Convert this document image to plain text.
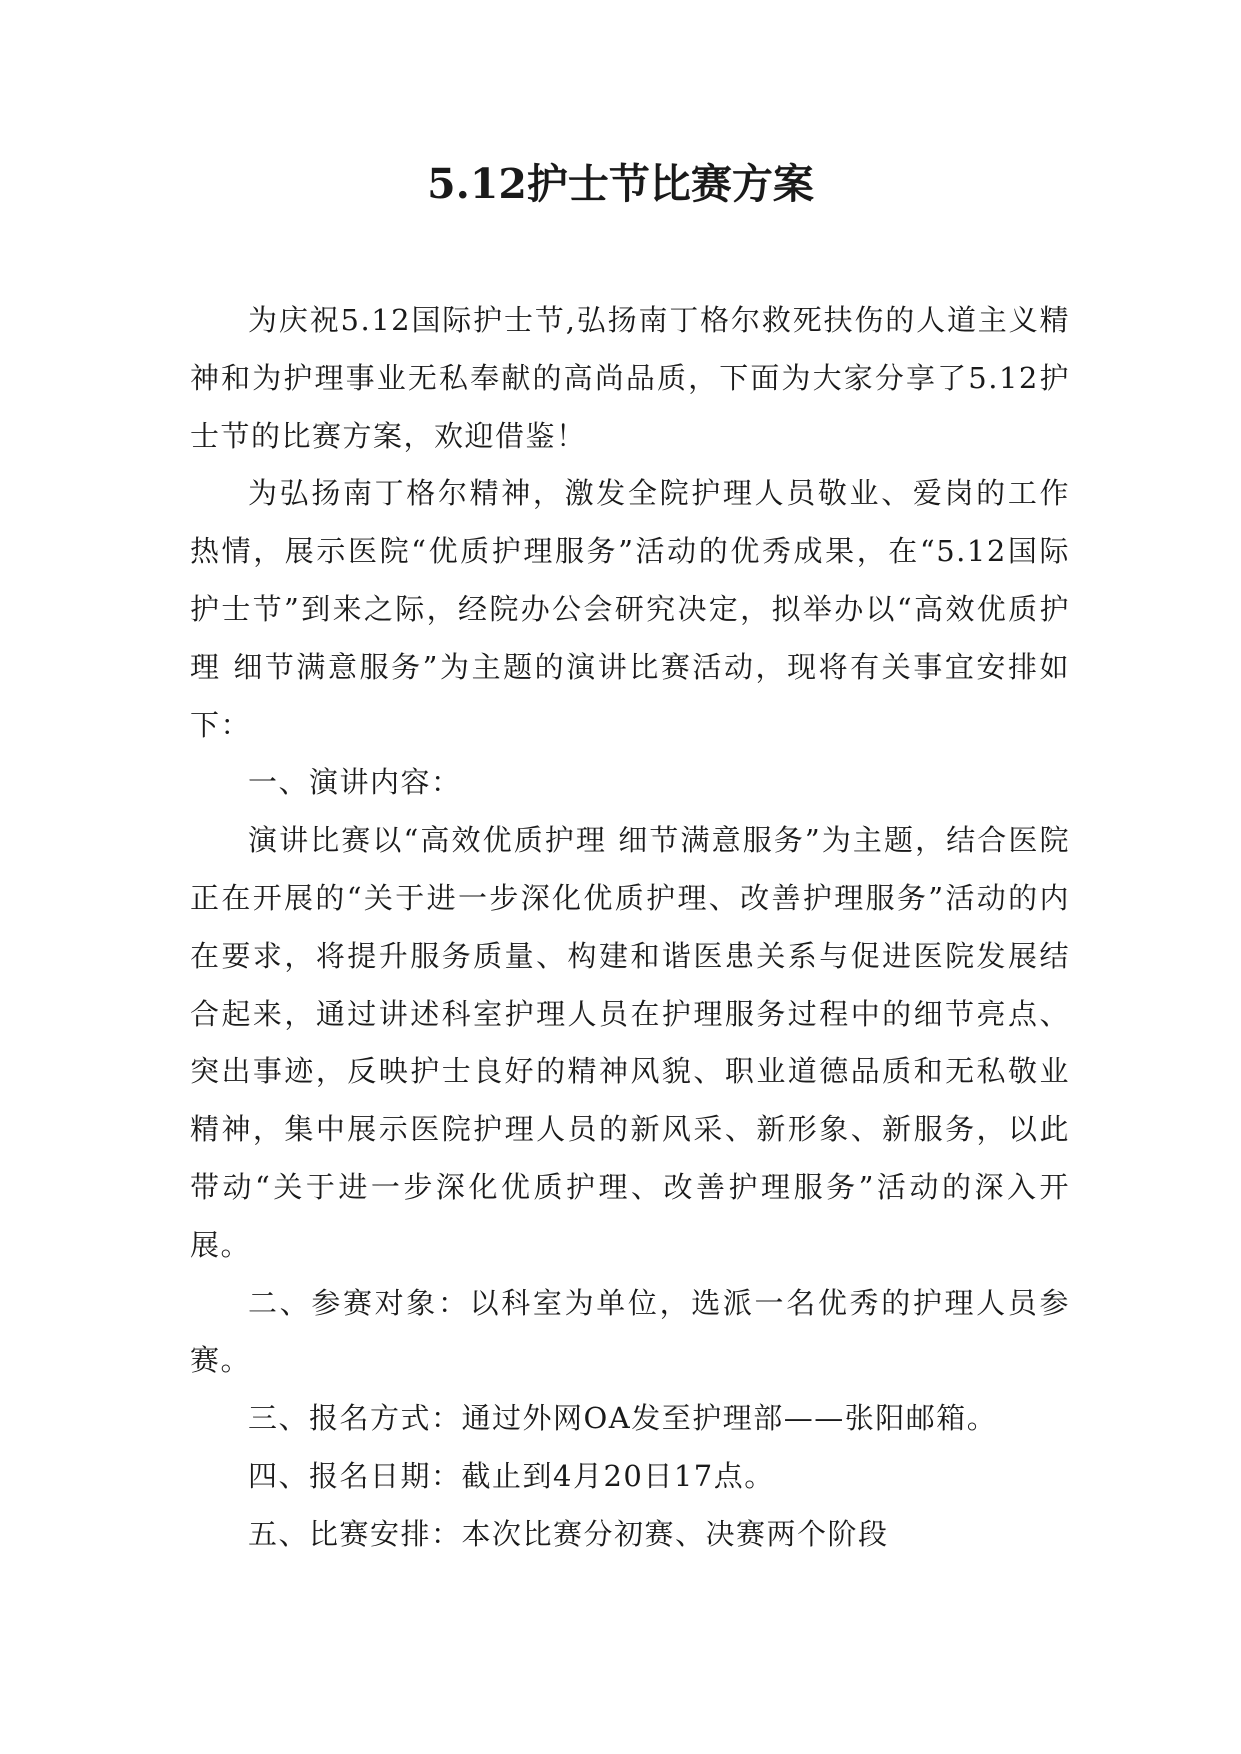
5.12护士节比赛方案

为庆祝5.12国际护士节,弘扬南丁格尔救死扶伤的人道主义精神和为护理事业无私奉献的高尚品质，下面为大家分享了5.12护士节的比赛方案，欢迎借鉴！

为弘扬南丁格尔精神，激发全院护理人员敬业、爱岗的工作热情，展示医院“优质护理服务”活动的优秀成果，在“5.12国际护士节”到来之际，经院办公会研究决定，拟举办以“高效优质护理 细节满意服务”为主题的演讲比赛活动，现将有关事宜安排如下：

一、演讲内容：

演讲比赛以“高效优质护理 细节满意服务”为主题，结合医院正在开展的“关于进一步深化优质护理、改善护理服务”活动的内在要求，将提升服务质量、构建和谐医患关系与促进医院发展结合起来，通过讲述科室护理人员在护理服务过程中的细节亮点、突出事迹，反映护士良好的精神风貌、职业道德品质和无私敬业精神，集中展示医院护理人员的新风采、新形象、新服务，以此带动“关于进一步深化优质护理、改善护理服务”活动的深入开展。

二、参赛对象：以科室为单位，选派一名优秀的护理人员参赛。

三、报名方式：通过外网OA发至护理部——张阳邮箱。

四、报名日期：截止到4月20日17点。

五、比赛安排：本次比赛分初赛、决赛两个阶段
